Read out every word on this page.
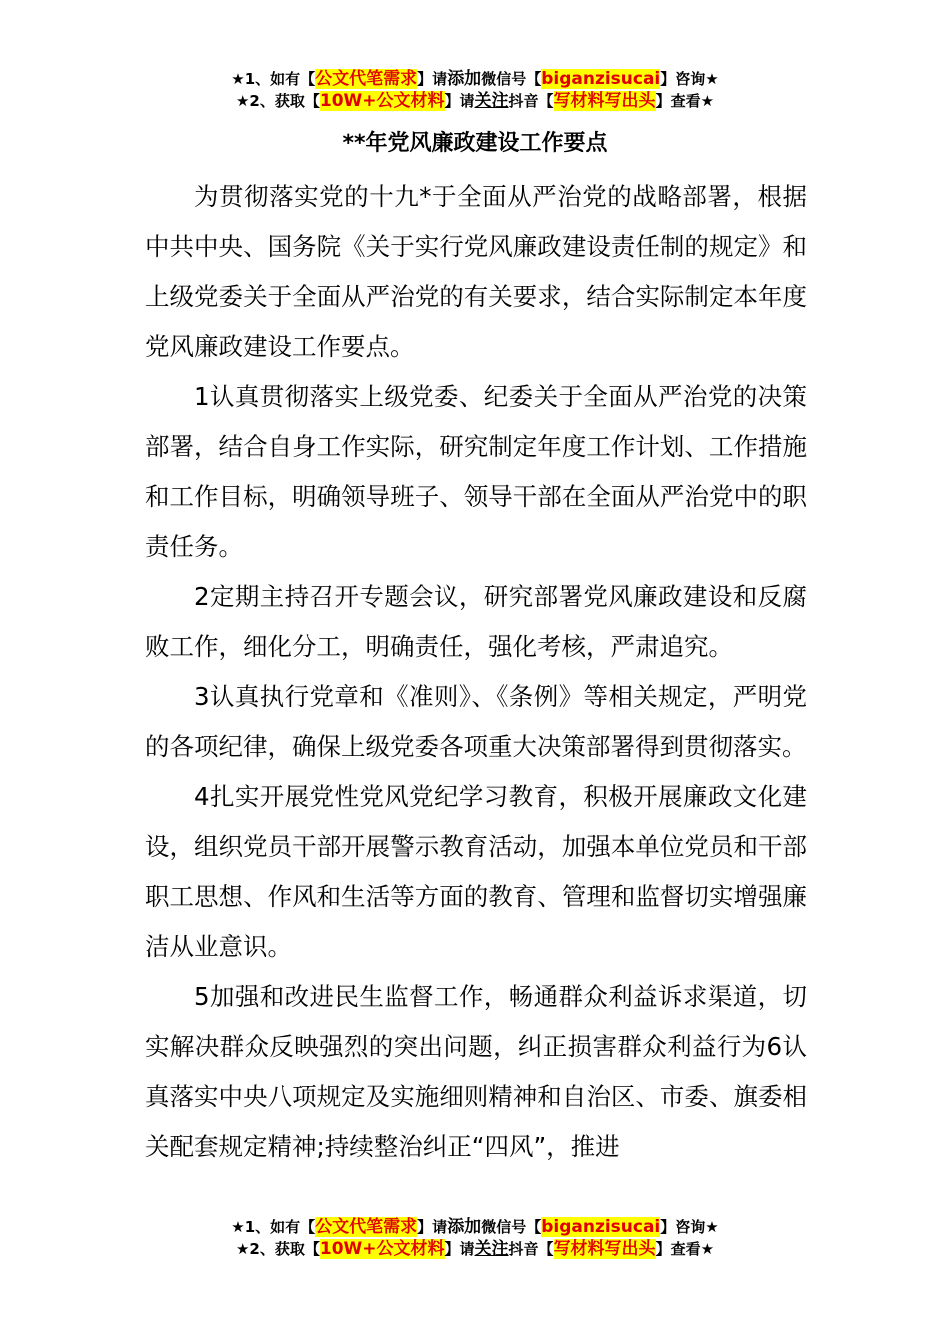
★1、如有【公文代笔需求】请添加微信号【biganzisucai】咨询★
★2、获取【10W+公文材料】请关注抖音【写材料写出头】查看★
**年党风廉政建设工作要点

为贯彻落实党的十九*于全面从严治党的战略部署，根据中共中央、国务院《关于实行党风廉政建设责任制的规定》和上级党委关于全面从严治党的有关要求，结合实际制定本年度党风廉政建设工作要点。

1认真贯彻落实上级党委、纪委关于全面从严治党的决策部署，结合自身工作实际，研究制定年度工作计划、工作措施和工作目标，明确领导班子、领导干部在全面从严治党中的职责任务。

2定期主持召开专题会议，研究部署党风廉政建设和反腐败工作，细化分工，明确责任，强化考核，严肃追究。

3认真执行党章和《准则》、《条例》等相关规定，严明党的各项纪律，确保上级党委各项重大决策部署得到贯彻落实。

4扎实开展党性党风党纪学习教育，积极开展廉政文化建设，组织党员干部开展警示教育活动，加强本单位党员和干部职工思想、作风和生活等方面的教育、管理和监督切实增强廉洁从业意识。

5加强和改进民生监督工作，畅通群众利益诉求渠道，切实解决群众反映强烈的突出问题，纠正损害群众利益行为6认真落实中央八项规定及实施细则精神和自治区、市委、旗委相关配套规定精神;持续整治纠正“四风”，推进

★1、如有【公文代笔需求】请添加微信号【biganzisucai】咨询★
★2、获取【10W+公文材料】请关注抖音【写材料写出头】查看★
